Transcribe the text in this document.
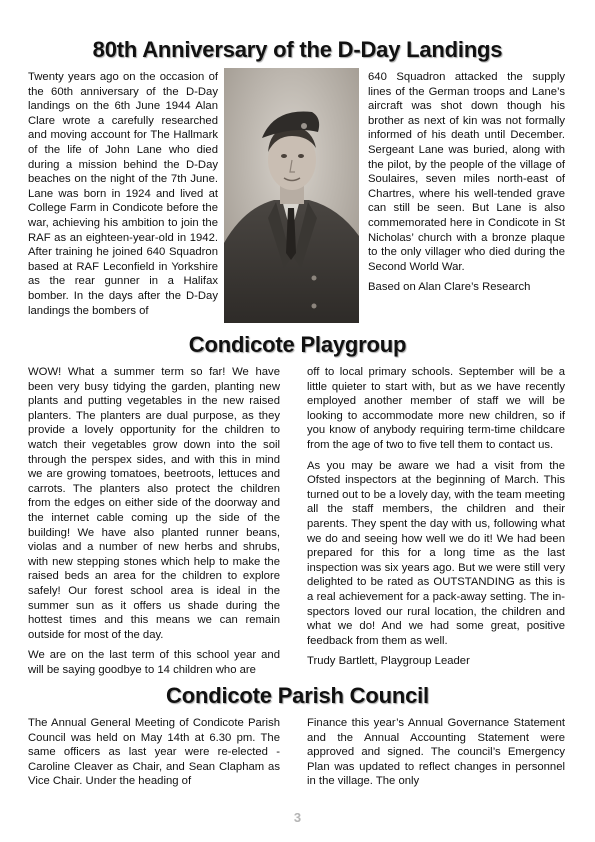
80th Anniversary of the D-Day Landings

Twenty years ago on the occasion of the 60th anniversary of the D-Day landings on the 6th June 1944 Alan Clare wrote a carefully researched and moving account for The Hallmark of the life of John Lane who died during a mission behind the D-Day beaches on the night of the 7th June. Lane was born in 1924 and lived at College Farm in Condicote before the war, achieving his ambition to join the RAF as an eighteen-year-old in 1942. After training he joined 640 Squadron based at RAF Leconfield in Yorkshire as the rear gunner in a Halifax bomber. In the days after the D-Day landings the bombers of

640 Squadron attacked the supply lines of the German troops and Lane’s aircraft was shot down though his brother as next of kin was not formally informed of his death until December. Sergeant Lane was buried, along with the pilot, by the people of the village of Soulaires, seven miles north-east of Chartres, where his well-tended grave can still be seen. But Lane is also commemorated here in Condicote in St Nicholas’ church with a bronze plaque to the only villager who died during the Second World War.

Based on Alan Clare’s Research

Condicote Playgroup

WOW! What a summer term so far! We have been very busy tidying the garden, planting new plants and putting vegetables in the new raised planters. The planters are dual purpose, as they provide a lovely opportunity for the children to watch their vegetables grow down into the soil through the perspex sides, and with this in mind we are growing tomatoes, beetroots, lettuces and carrots. The planters also protect the children from the edges on either side of the doorway and the internet cable coming up the side of the building! We have also planted runner beans, violas and a number of new herbs and shrubs, with new stepping stones which help to make the raised beds an area for the children to explore safely! Our forest school area is ideal in the summer sun as it offers us shade during the hottest times and this means we can remain outside for most of the day.

We are on the last term of this school year and will be saying goodbye to 14 children who are

off to local primary schools. September will be a little quieter to start with, but as we have recently employed another member of staff we will be looking to accommodate more new children, so if you know of anybody requiring term-time childcare from the age of two to five tell them to contact us.

As you may be aware we had a visit from the Ofsted inspectors at the beginning of March. This turned out to be a lovely day, with the team meeting all the staff members, the children and their parents. They spent the day with us, following what we do and seeing how well we do it! We had been prepared for this for a long time as the last inspection was six years ago. But we were still very delighted to be rated as OUTSTANDING as this is a real achievement for a pack-away setting. The inspectors loved our rural location, the children and what we do! And we had some great, positive feedback from them as well.

Trudy Bartlett, Playgroup Leader

Condicote Parish Council

The Annual General Meeting of Condicote Parish Council was held on May 14th at 6.30 pm. The same officers as last year were re-elected - Caroline Cleaver as Chair, and Sean Clapham as Vice Chair. Under the heading of

Finance this year’s Annual Governance Statement and the Annual Accounting Statement were approved and signed. The council’s Emergency Plan was updated to reflect changes in personnel in the village. The only

3
